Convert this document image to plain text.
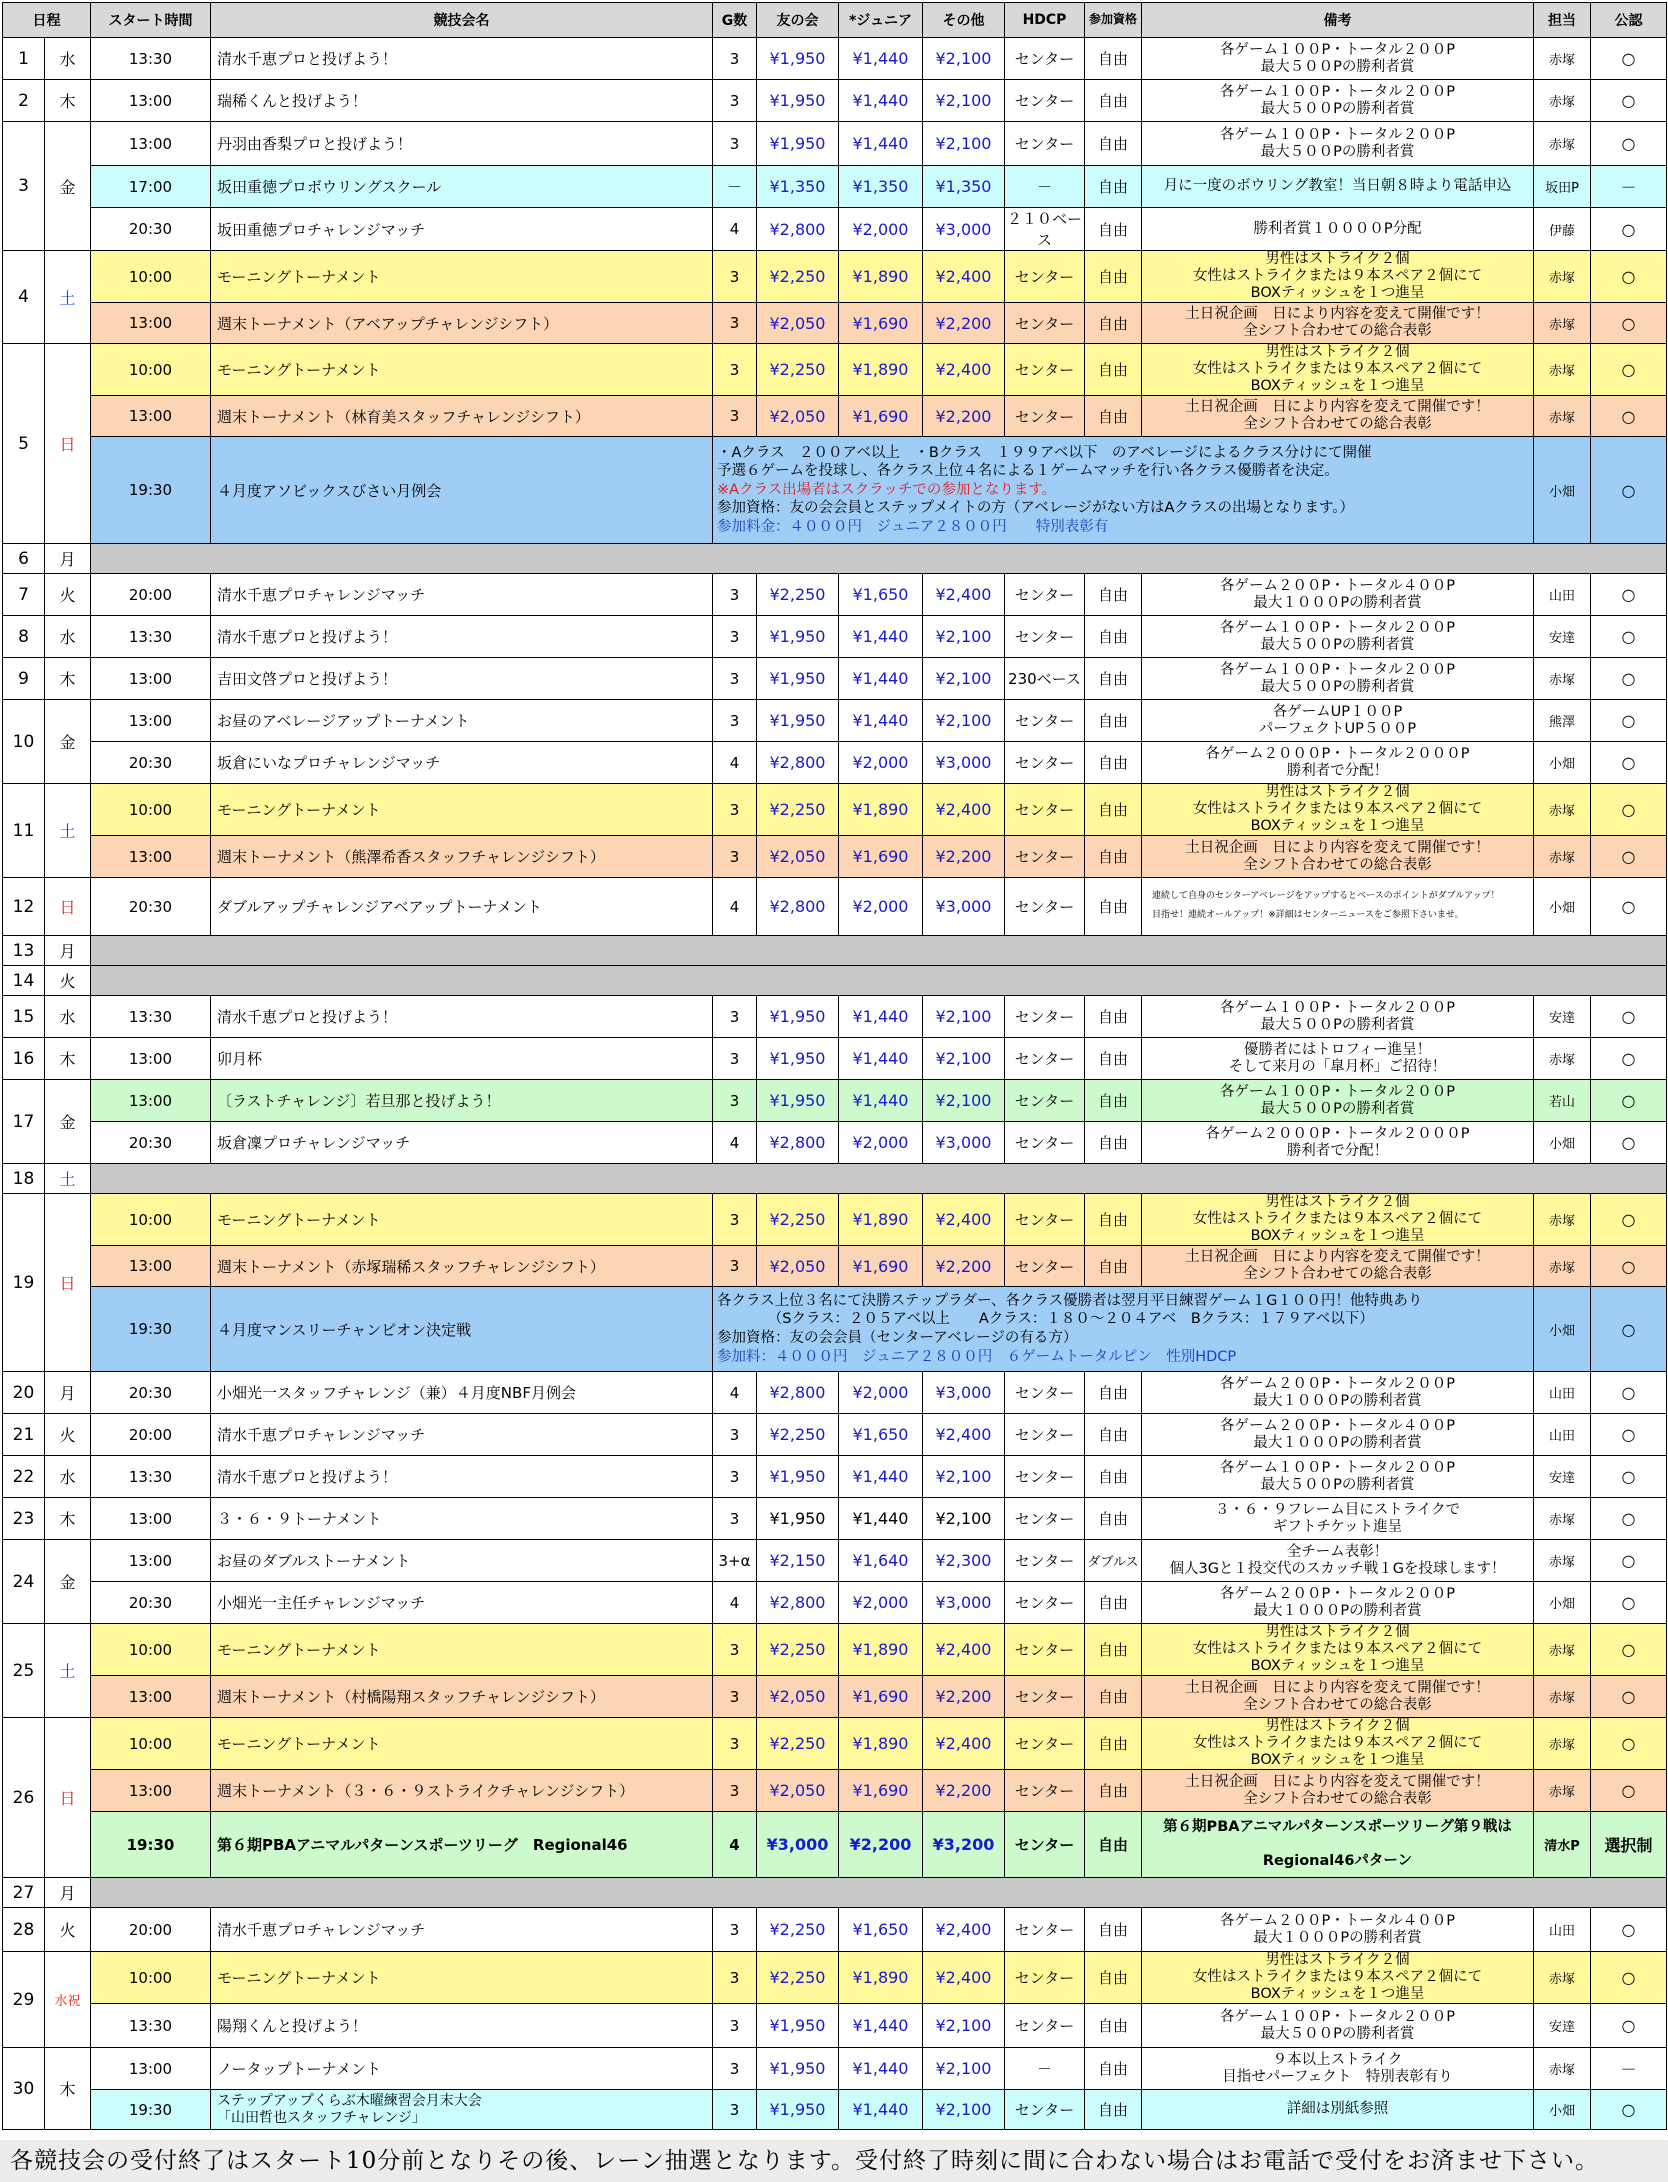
日程		スタート時間	競技会名	G数	友の会	*ジュニア	その他	HDCP	参加資格	備考	担当	公認
1	水	13:30	清水千恵プロと投げよう！	3	¥1,950	¥1,440	¥2,100	センター	自由	各ゲーム１００P・トータル２００P
最大５００Pの勝利者賞	赤塚	○
2	木	13:00	瑞稀くんと投げよう！	3	¥1,950	¥1,440	¥2,100	センター	自由	各ゲーム１００P・トータル２００P
最大５００Pの勝利者賞	赤塚	○
3	金	13:00	丹羽由香梨プロと投げよう！	3	¥1,950	¥1,440	¥2,100	センター	自由	各ゲーム１００P・トータル２００P
最大５００Pの勝利者賞	赤塚	○
		17:00	坂田重徳プロボウリングスクール	－	¥1,350	¥1,350	¥1,350	－	自由	月に一度のボウリング教室！当日朝８時より電話申込	坂田P	－
		20:30	坂田重徳プロチャレンジマッチ	4	¥2,800	¥2,000	¥3,000	２１０ベース	自由	勝利者賞１００００P分配	伊藤	○
4	土	10:00	モーニングトーナメント	3	¥2,250	¥1,890	¥2,400	センター	自由	男性はストライク２個
女性はストライクまたは９本スペア２個にて
BOXティッシュを１つ進呈	赤塚	○
		13:00	週末トーナメント（アベアップチャレンジシフト）	3	¥2,050	¥1,690	¥2,200	センター	自由	土日祝企画　日により内容を変えて開催です！
全シフト合わせての総合表彰	赤塚	○
5	日	10:00	モーニングトーナメント	3	¥2,250	¥1,890	¥2,400	センター	自由	男性はストライク２個
女性はストライクまたは９本スペア２個にて
BOXティッシュを１つ進呈	赤塚	○
		13:00	週末トーナメント（林育美スタッフチャレンジシフト）	3	¥2,050	¥1,690	¥2,200	センター	自由	土日祝企画　日により内容を変えて開催です！
全シフト合わせての総合表彰	赤塚	○
		19:30	４月度アソビックスびさい月例会	・Aクラス　２００アベ以上　・Bクラス　１９９アベ以下　のアベレージによるクラス分けにて開催
予選６ゲームを投球し、各クラス上位４名による１ゲームマッチを行い各クラス優勝者を決定。
※Aクラス出場者はスクラッチでの参加となります。
参加資格：友の会会員とステップメイトの方（アベレージがない方はAクラスの出場となります。）
参加料金：４０００円　ジュニア２８００円　　特別表彰有							小畑	○
6	月											
7	火	20:00	清水千恵プロチャレンジマッチ	3	¥2,250	¥1,650	¥2,400	センター	自由	各ゲーム２００P・トータル４００P
最大１０００Pの勝利者賞	山田	○
8	水	13:30	清水千恵プロと投げよう！	3	¥1,950	¥1,440	¥2,100	センター	自由	各ゲーム１００P・トータル２００P
最大５００Pの勝利者賞	安達	○
9	木	13:00	吉田文啓プロと投げよう！	3	¥1,950	¥1,440	¥2,100	230ベース	自由	各ゲーム１００P・トータル２００P
最大５００Pの勝利者賞	赤塚	○
10	金	13:00	お昼のアベレージアップトーナメント	3	¥1,950	¥1,440	¥2,100	センター	自由	各ゲームUP１００P
パーフェクトUP５００P	熊澤	○
		20:30	坂倉にいなプロチャレンジマッチ	4	¥2,800	¥2,000	¥3,000	センター	自由	各ゲーム２０００P・トータル２０００P
勝利者で分配！	小畑	○
11	土	10:00	モーニングトーナメント	3	¥2,250	¥1,890	¥2,400	センター	自由	男性はストライク２個
女性はストライクまたは９本スペア２個にて
BOXティッシュを１つ進呈	赤塚	○
		13:00	週末トーナメント（熊澤希香スタッフチャレンジシフト）	3	¥2,050	¥1,690	¥2,200	センター	自由	土日祝企画　日により内容を変えて開催です！
全シフト合わせての総合表彰	赤塚	○
12	日	20:30	ダブルアップチャレンジアベアップトーナメント	4	¥2,800	¥2,000	¥3,000	センター	自由	連続して自身のセンターアベレージをアップするとベースのポイントがダブルアップ！

目指せ！連続オールアップ！※詳細はセンターニュースをご参照下さいませ。	小畑	○
13	月											
14	火											
15	水	13:30	清水千恵プロと投げよう！	3	¥1,950	¥1,440	¥2,100	センター	自由	各ゲーム１００P・トータル２００P
最大５００Pの勝利者賞	安達	○
16	木	13:00	卯月杯	3	¥1,950	¥1,440	¥2,100	センター	自由	優勝者にはトロフィー進呈！
そして来月の「皐月杯」ご招待！	赤塚	○
17	金	13:00	〔ラストチャレンジ〕若旦那と投げよう！	3	¥1,950	¥1,440	¥2,100	センター	自由	各ゲーム１００P・トータル２００P
最大５００Pの勝利者賞	若山	○
		20:30	坂倉凜プロチャレンジマッチ	4	¥2,800	¥2,000	¥3,000	センター	自由	各ゲーム２０００P・トータル２０００P
勝利者で分配！	小畑	○
18	土											
19	日	10:00	モーニングトーナメント	3	¥2,250	¥1,890	¥2,400	センター	自由	男性はストライク２個
女性はストライクまたは９本スペア２個にて
BOXティッシュを１つ進呈	赤塚	○
		13:00	週末トーナメント（赤塚瑞稀スタッフチャレンジシフト）	3	¥2,050	¥1,690	¥2,200	センター	自由	土日祝企画　日により内容を変えて開催です！
全シフト合わせての総合表彰	赤塚	○
		19:30	４月度マンスリーチャンピオン決定戦	各クラス上位３名にて決勝ステップラダー、各クラス優勝者は翌月平日練習ゲーム１G１００円！他特典あり
　　　　（Sクラス：２０５アベ以上　　Aクラス：１８０～２０４アベ　Bクラス：１７９アベ以下）
参加資格：友の会会員（センターアベレージの有る方）
参加料：４０００円　ジュニア２８００円　６ゲームトータルピン　性別HDCP							小畑	○
20	月	20:30	小畑光一スタッフチャレンジ（兼）４月度NBF月例会	4	¥2,800	¥2,000	¥3,000	センター	自由	各ゲーム２００P・トータル２００P
最大１０００Pの勝利者賞	山田	○
21	火	20:00	清水千恵プロチャレンジマッチ	3	¥2,250	¥1,650	¥2,400	センター	自由	各ゲーム２００P・トータル４００P
最大１０００Pの勝利者賞	山田	○
22	水	13:30	清水千恵プロと投げよう！	3	¥1,950	¥1,440	¥2,100	センター	自由	各ゲーム１００P・トータル２００P
最大５００Pの勝利者賞	安達	○
23	木	13:00	３・６・９トーナメント	3	¥1,950	¥1,440	¥2,100	センター	自由	３・６・９フレーム目にストライクで
ギフトチケット進呈	赤塚	○
24	金	13:00	お昼のダブルストーナメント	3+α	¥2,150	¥1,640	¥2,300	センター	ダブルス	全チーム表彰！
個人3Gと１投交代のスカッチ戦１Gを投球します！	赤塚	○
		20:30	小畑光一主任チャレンジマッチ	4	¥2,800	¥2,000	¥3,000	センター	自由	各ゲーム２００P・トータル２００P
最大１０００Pの勝利者賞	小畑	○
25	土	10:00	モーニングトーナメント	3	¥2,250	¥1,890	¥2,400	センター	自由	男性はストライク２個
女性はストライクまたは９本スペア２個にて
BOXティッシュを１つ進呈	赤塚	○
		13:00	週末トーナメント（村橋陽翔スタッフチャレンジシフト）	3	¥2,050	¥1,690	¥2,200	センター	自由	土日祝企画　日により内容を変えて開催です！
全シフト合わせての総合表彰	赤塚	○
26	日	10:00	モーニングトーナメント	3	¥2,250	¥1,890	¥2,400	センター	自由	男性はストライク２個
女性はストライクまたは９本スペア２個にて
BOXティッシュを１つ進呈	赤塚	○
		13:00	週末トーナメント（３・６・９ストライクチャレンジシフト）	3	¥2,050	¥1,690	¥2,200	センター	自由	土日祝企画　日により内容を変えて開催です！
全シフト合わせての総合表彰	赤塚	○
		19:30	第６期PBAアニマルパターンスポーツリーグ　Regional46	4	¥3,000	¥2,200	¥3,200	センター	自由	第６期PBAアニマルパターンスポーツリーグ第９戦は

Regional46パターン	清水P	選択制
27	月											
28	火	20:00	清水千恵プロチャレンジマッチ	3	¥2,250	¥1,650	¥2,400	センター	自由	各ゲーム２００P・トータル４００P
最大１０００Pの勝利者賞	山田	○
29	水祝	10:00	モーニングトーナメント	3	¥2,250	¥1,890	¥2,400	センター	自由	男性はストライク２個
女性はストライクまたは９本スペア２個にて
BOXティッシュを１つ進呈	赤塚	○
		13:30	陽翔くんと投げよう！	3	¥1,950	¥1,440	¥2,100	センター	自由	各ゲーム１００P・トータル２００P
最大５００Pの勝利者賞	安達	○
30	木	13:00	ノータップトーナメント	3	¥1,950	¥1,440	¥2,100	－	自由	９本以上ストライク
目指せパーフェクト　特別表彰有り	赤塚	－
		19:30	ステップアップくらぶ木曜練習会月末大会
「山田哲也スタッフチャレンジ」	3	¥1,950	¥1,440	¥2,100	センター	自由	詳細は別紙参照	小畑	○
各競技会の受付終了はスタート10分前となりその後、レーン抽選となります。受付終了時刻に間に合わない場合はお電話で受付をお済ませ下さい。
